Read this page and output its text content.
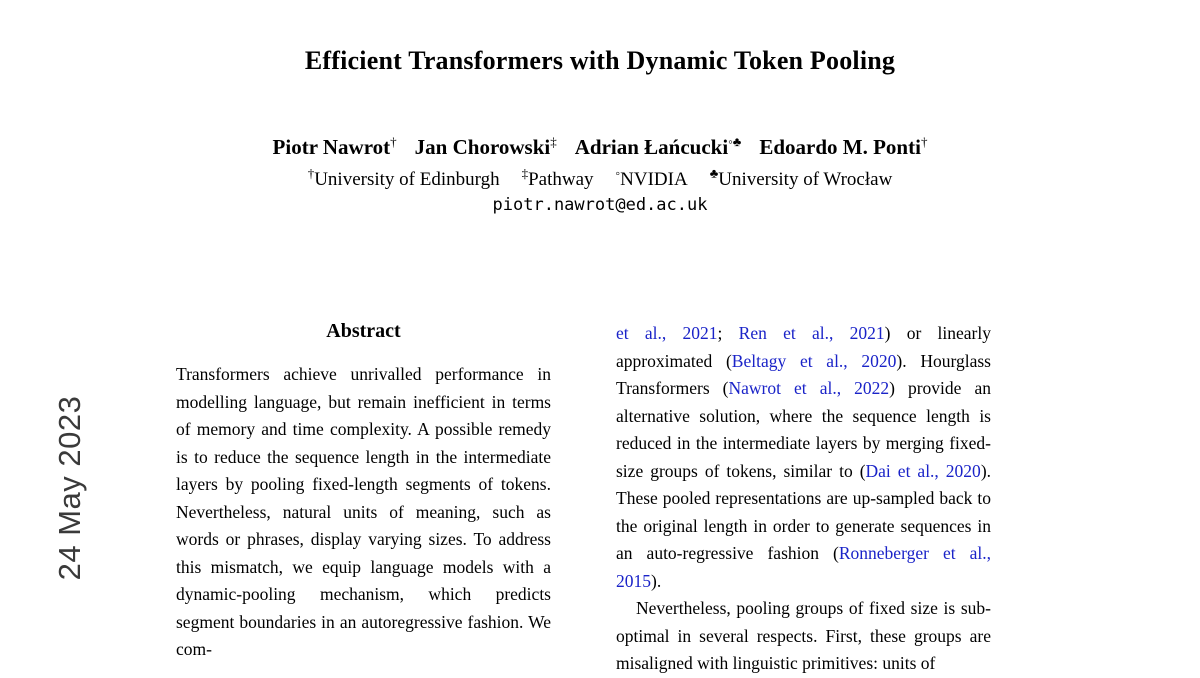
24 May 2023
Efficient Transformers with Dynamic Token Pooling
Piotr Nawrot† Jan Chorowski‡ Adrian Łańcucki◦♣ Edoardo M. Ponti†
†University of Edinburgh ‡Pathway ◦NVIDIA ♣University of Wrocław
piotr.nawrot@ed.ac.uk
Abstract

Transformers achieve unrivalled performance in modelling language, but remain inefficient in terms of memory and time complexity. A possible remedy is to reduce the sequence length in the intermediate layers by pooling fixed-length segments of tokens. Nevertheless, natural units of meaning, such as words or phrases, display varying sizes. To address this mismatch, we equip language models with a dynamic-pooling mechanism, which predicts segment boundaries in an autoregressive fashion. We com-

et al., 2021; Ren et al., 2021) or linearly approximated (Beltagy et al., 2020). Hourglass Transformers (Nawrot et al., 2022) provide an alternative solution, where the sequence length is reduced in the intermediate layers by merging fixed-size groups of tokens, similar to (Dai et al., 2020). These pooled representations are up-sampled back to the original length in order to generate sequences in an auto-regressive fashion (Ronneberger et al., 2015).

Nevertheless, pooling groups of fixed size is sub-optimal in several respects. First, these groups are misaligned with linguistic primitives: units of
